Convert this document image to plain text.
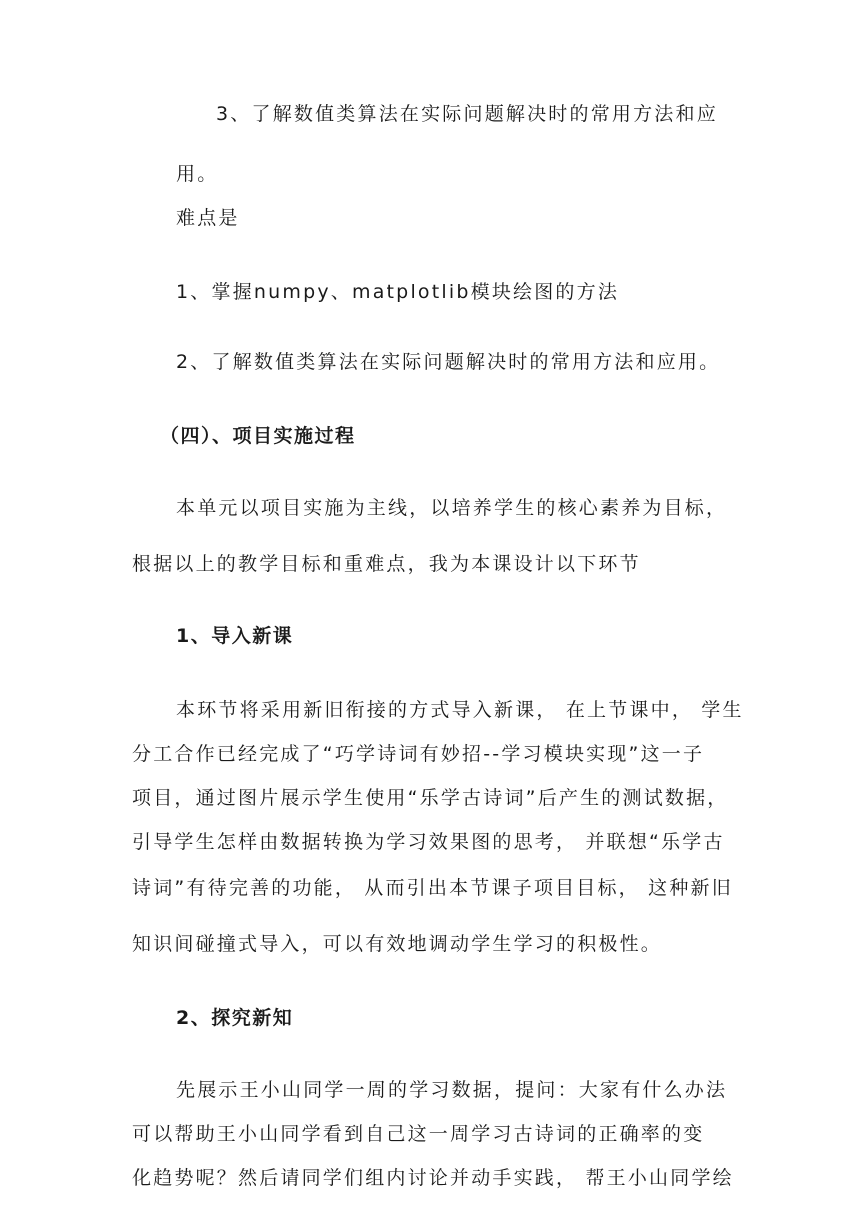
3、了解数值类算法在实际问题解决时的常用方法和应
用。
难点是
1、掌握numpy、matplotlib模块绘图的方法
2、了解数值类算法在实际问题解决时的常用方法和应用。
（四）、项目实施过程
本单元以项目实施为主线，以培养学生的核心素养为目标，
根据以上的教学目标和重难点，我为本课设计以下环节
1、导入新课
本环节将采用新旧衔接的方式导入新课， 在上节课中， 学生
分工合作已经完成了“巧学诗词有妙招--学习模块实现”这一子
项目，通过图片展示学生使用“乐学古诗词”后产生的测试数据，
引导学生怎样由数据转换为学习效果图的思考， 并联想“乐学古
诗词”有待完善的功能， 从而引出本节课子项目目标， 这种新旧
知识间碰撞式导入，可以有效地调动学生学习的积极性。
2、探究新知
先展示王小山同学一周的学习数据，提问：大家有什么办法
可以帮助王小山同学看到自己这一周学习古诗词的正确率的变
化趋势呢？然后请同学们组内讨论并动手实践， 帮王小山同学绘
